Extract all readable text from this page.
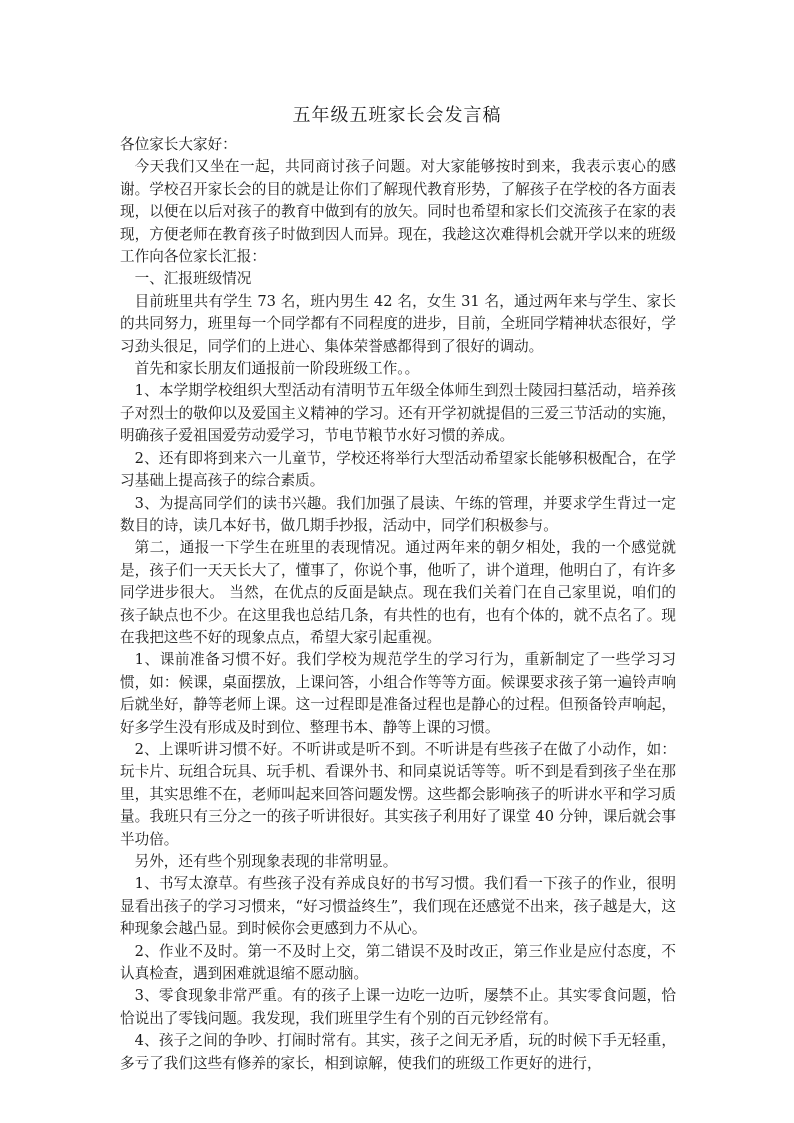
五年级五班家长会发言稿

各位家长大家好：

今天我们又坐在一起，共同商讨孩子问题。对大家能够按时到来，我表示衷心的感谢。学校召开家长会的目的就是让你们了解现代教育形势，了解孩子在学校的各方面表现，以便在以后对孩子的教育中做到有的放矢。同时也希望和家长们交流孩子在家的表现，方便老师在教育孩子时做到因人而异。现在，我趁这次难得机会就开学以来的班级工作向各位家长汇报：

一、汇报班级情况

目前班里共有学生 73 名，班内男生 42 名，女生 31 名，通过两年来与学生、家长的共同努力，班里每一个同学都有不同程度的进步，目前，全班同学精神状态很好，学习劲头很足，同学们的上进心、集体荣誉感都得到了很好的调动。

首先和家长朋友们通报前一阶段班级工作。。

1、本学期学校组织大型活动有清明节五年级全体师生到烈士陵园扫墓活动，培养孩子对烈士的敬仰以及爱国主义精神的学习。还有开学初就提倡的三爱三节活动的实施，明确孩子爱祖国爱劳动爱学习，节电节粮节水好习惯的养成。

2、还有即将到来六一儿童节，学校还将举行大型活动希望家长能够积极配合，在学习基础上提高孩子的综合素质。

3、为提高同学们的读书兴趣。我们加强了晨读、午练的管理，并要求学生背过一定数目的诗，读几本好书，做几期手抄报，活动中，同学们积极参与。

第二，通报一下学生在班里的表现情况。通过两年来的朝夕相处，我的一个感觉就是，孩子们一天天长大了，懂事了，你说个事，他听了，讲个道理，他明白了，有许多同学进步很大。 当然，在优点的反面是缺点。现在我们关着门在自己家里说，咱们的孩子缺点也不少。在这里我也总结几条，有共性的也有，也有个体的，就不点名了。现在我把这些不好的现象点点，希望大家引起重视。

1、课前准备习惯不好。我们学校为规范学生的学习行为，重新制定了一些学习习惯，如：候课，桌面摆放，上课问答，小组合作等等方面。候课要求孩子第一遍铃声响后就坐好，静等老师上课。这一过程即是准备过程也是静心的过程。但预备铃声响起，好多学生没有形成及时到位、整理书本、静等上课的习惯。

2、上课听讲习惯不好。不听讲或是听不到。不听讲是有些孩子在做了小动作，如：玩卡片、玩组合玩具、玩手机、看课外书、和同桌说话等等。听不到是看到孩子坐在那里，其实思维不在，老师叫起来回答问题发愣。这些都会影响孩子的听讲水平和学习质量。我班只有三分之一的孩子听讲很好。其实孩子利用好了课堂 40 分钟，课后就会事半功倍。

另外，还有些个别现象表现的非常明显。

1、书写太潦草。有些孩子没有养成良好的书写习惯。我们看一下孩子的作业，很明显看出孩子的学习习惯来，“好习惯益终生”，我们现在还感觉不出来，孩子越是大，这种现象会越凸显。到时候你会更感到力不从心。

2、作业不及时。第一不及时上交，第二错误不及时改正，第三作业是应付态度，不认真检查，遇到困难就退缩不愿动脑。

3、零食现象非常严重。有的孩子上课一边吃一边听，屡禁不止。其实零食问题，恰恰说出了零钱问题。我发现，我们班里学生有个别的百元钞经常有。

4、孩子之间的争吵、打闹时常有。其实，孩子之间无矛盾，玩的时候下手无轻重，多亏了我们这些有修养的家长，相到谅解，使我们的班级工作更好的进行，
